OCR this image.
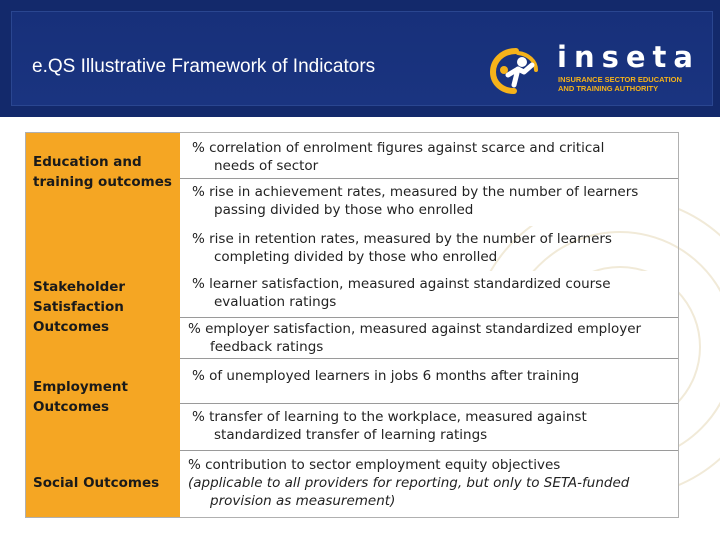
e.QS Illustrative Framework of Indicators	inseta
INSURANCE SECTOR EDUCATION
AND TRAINING AUTHORITY
Education and training outcomes
Stakeholder Satisfaction Outcomes
Employment Outcomes
Social Outcomes
% correlation of enrolment figures against scarce and critical
needs of sector
% rise in achievement rates, measured by the number of learners
passing divided by those who enrolled
% rise in retention rates, measured by the number of learners
completing divided by those who enrolled
% learner satisfaction, measured against standardized course
evaluation ratings
% employer satisfaction, measured against standardized employer
feedback ratings
% of unemployed learners in jobs 6 months after training
% transfer of learning to the workplace, measured against
standardized transfer of learning ratings
% contribution to sector employment equity objectives
(applicable to all providers for reporting, but only to SETA-funded
provision as measurement)
